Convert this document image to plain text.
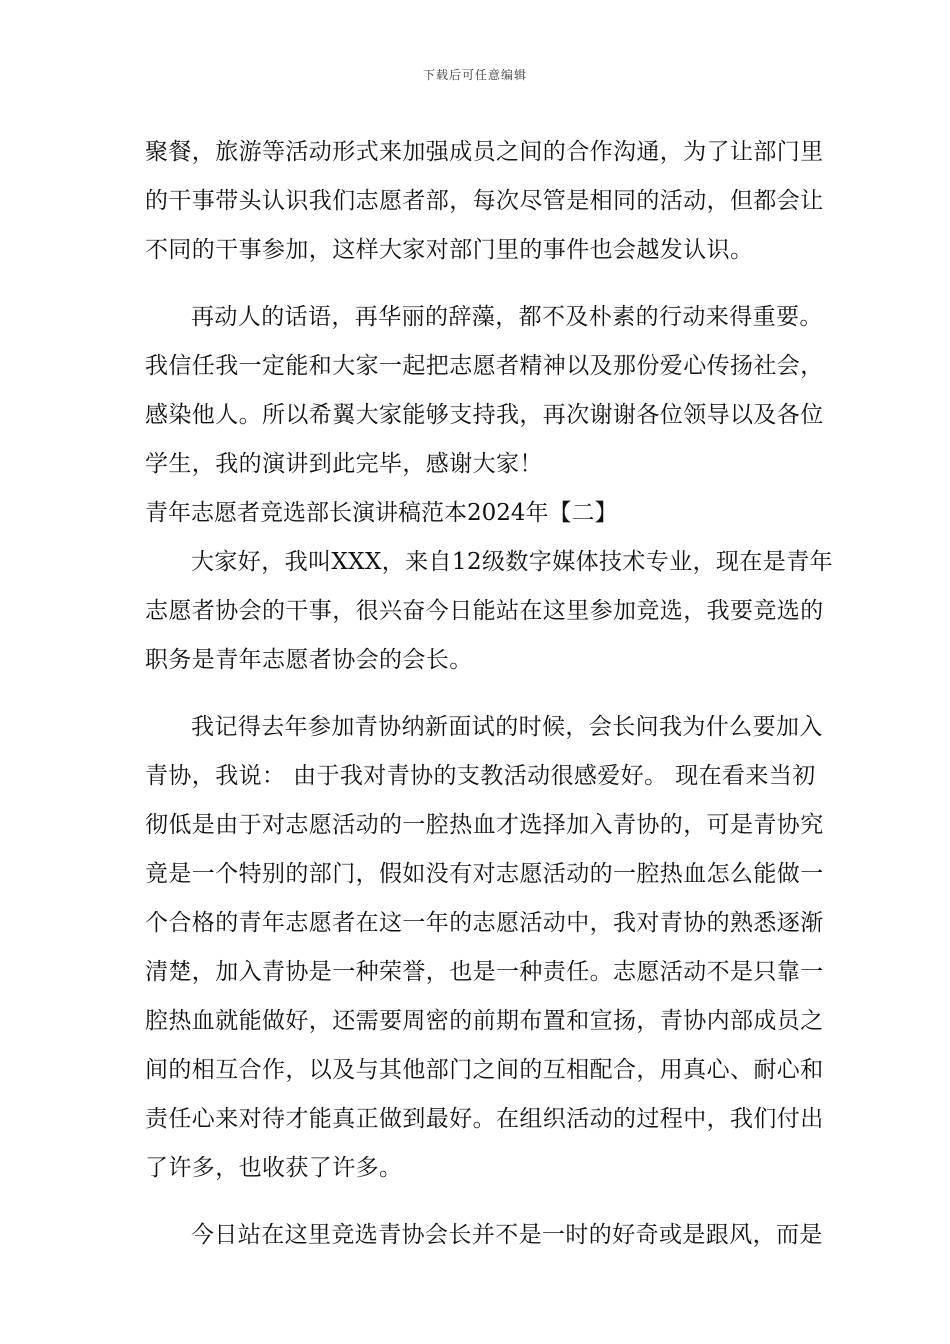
下载后可任意编辑
聚餐，旅游等活动形式来加强成员之间的合作沟通，为了让部门里
的干事带头认识我们志愿者部，每次尽管是相同的活动，但都会让
不同的干事参加，这样大家对部门里的事件也会越发认识。
再动人的话语，再华丽的辞藻，都不及朴素的行动来得重要。
我信任我一定能和大家一起把志愿者精神以及那份爱心传扬社会，
感染他人。所以希翼大家能够支持我，再次谢谢各位领导以及各位
学生，我的演讲到此完毕，感谢大家！
青年志愿者竞选部长演讲稿范本2024年【二】
大家好，我叫XXX，来自12级数字媒体技术专业，现在是青年
志愿者协会的干事，很兴奋今日能站在这里参加竞选，我要竞选的
职务是青年志愿者协会的会长。
我记得去年参加青协纳新面试的时候，会长问我为什么要加入
青协，我说： 由于我对青协的支教活动很感爱好。 现在看来当初
彻低是由于对志愿活动的一腔热血才选择加入青协的，可是青协究
竟是一个特别的部门，假如没有对志愿活动的一腔热血怎么能做一
个合格的青年志愿者在这一年的志愿活动中，我对青协的熟悉逐渐
清楚，加入青协是一种荣誉，也是一种责任。志愿活动不是只靠一
腔热血就能做好，还需要周密的前期布置和宣扬，青协内部成员之
间的相互合作，以及与其他部门之间的互相配合，用真心、耐心和
责任心来对待才能真正做到最好。在组织活动的过程中，我们付出
了许多，也收获了许多。
今日站在这里竞选青协会长并不是一时的好奇或是跟风，而是
